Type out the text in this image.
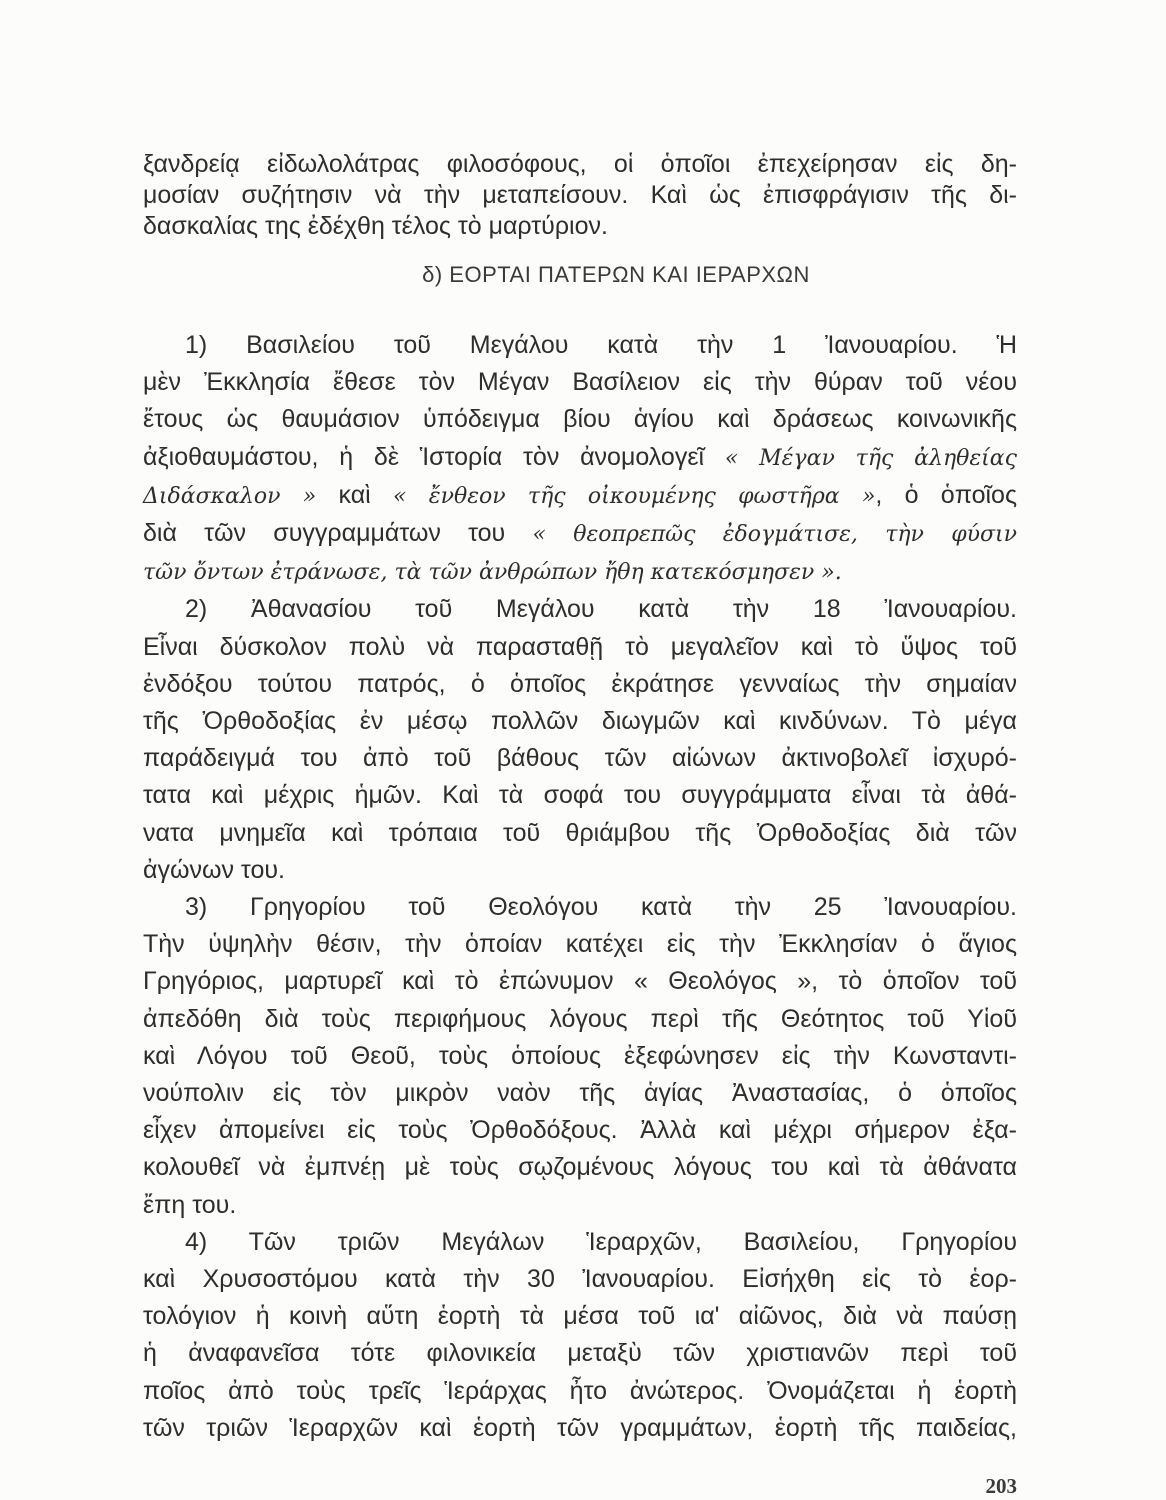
ξανδρείᾳ εἰδωλολάτρας φιλοσόφους, οἱ ὁποῖοι ἐπεχείρησαν εἰς δη-
μοσίαν συζήτησιν νὰ τὴν μεταπείσουν. Καὶ ὡς ἐπισφράγισιν τῆς δι-
δασκαλίας της ἐδέχθη τέλος τὸ μαρτύριον.
δ) ΕΟΡΤΑΙ ΠΑΤΕΡΩΝ ΚΑΙ ΙΕΡΑΡΧΩΝ
1) Βασιλείου τοῦ Μεγάλου κατὰ τὴν 1 Ἰανουαρίου. Ἡ
μὲν Ἐκκλησία ἔθεσε τὸν Μέγαν Βασίλειον εἰς τὴν θύραν τοῦ νέου
ἔτους ὡς θαυμάσιον ὑπόδειγμα βίου ἁγίου καὶ δράσεως κοινωνικῆς
ἀξιοθαυμάστου, ἡ δὲ Ἱστορία τὸν ἀνομολογεῖ « Μέγαν τῆς ἀληθείας
Διδάσκαλον » καὶ « ἔνθεον τῆς οἰκουμένης φωστῆρα », ὁ ὁποῖος
διὰ τῶν συγγραμμάτων του « θεοπρεπῶς ἐδογμάτισε, τὴν φύσιν
τῶν ὄντων ἐτράνωσε, τὰ τῶν ἀνθρώπων ἤθη κατεκόσμησεν ».
2) Ἀθανασίου τοῦ Μεγάλου κατὰ τὴν 18 Ἰανουαρίου.
Εἶναι δύσκολον πολὺ νὰ παρασταθῇ τὸ μεγαλεῖον καὶ τὸ ὕψος τοῦ
ἐνδόξου τούτου πατρός, ὁ ὁποῖος ἐκράτησε γενναίως τὴν σημαίαν
τῆς Ὀρθοδοξίας ἐν μέσῳ πολλῶν διωγμῶν καὶ κινδύνων. Τὸ μέγα
παράδειγμά του ἀπὸ τοῦ βάθους τῶν αἰώνων ἀκτινοβολεῖ ἰσχυρό-
τατα καὶ μέχρις ἡμῶν. Καὶ τὰ σοφά του συγγράμματα εἶναι τὰ ἀθά-
νατα μνημεῖα καὶ τρόπαια τοῦ θριάμβου τῆς Ὀρθοδοξίας διὰ τῶν
ἀγώνων του.
3) Γρηγορίου τοῦ Θεολόγου κατὰ τὴν 25 Ἰανουαρίου.
Τὴν ὑψηλὴν θέσιν, τὴν ὁποίαν κατέχει εἰς τὴν Ἐκκλησίαν ὁ ἅγιος
Γρηγόριος, μαρτυρεῖ καὶ τὸ ἐπώνυμον « Θεολόγος », τὸ ὁποῖον τοῦ
ἀπεδόθη διὰ τοὺς περιφήμους λόγους περὶ τῆς Θεότητος τοῦ Υἱοῦ
καὶ Λόγου τοῦ Θεοῦ, τοὺς ὁποίους ἐξεφώνησεν εἰς τὴν Κωνσταντι-
νούπολιν εἰς τὸν μικρὸν ναὸν τῆς ἁγίας Ἀναστασίας, ὁ ὁποῖος
εἶχεν ἀπομείνει εἰς τοὺς Ὀρθοδόξους. Ἀλλὰ καὶ μέχρι σήμερον ἐξα-
κολουθεῖ νὰ ἐμπνέῃ μὲ τοὺς σῳζομένους λόγους του καὶ τὰ ἀθάνατα
ἔπη του.
4) Τῶν τριῶν Μεγάλων Ἱεραρχῶν, Βασιλείου, Γρηγορίου
καὶ Χρυσοστόμου κατὰ τὴν 30 Ἰανουαρίου. Εἰσήχθη εἰς τὸ ἑορ-
τολόγιον ἡ κοινὴ αὕτη ἑορτὴ τὰ μέσα τοῦ ια' αἰῶνος, διὰ νὰ παύσῃ
ἡ ἀναφανεῖσα τότε φιλονικεία μεταξὺ τῶν χριστιανῶν περὶ τοῦ
ποῖος ἀπὸ τοὺς τρεῖς Ἱεράρχας ἦτο ἀνώτερος. Ὀνομάζεται ἡ ἑορτὴ
τῶν τριῶν Ἱεραρχῶν καὶ ἑορτὴ τῶν γραμμάτων, ἑορτὴ τῆς παιδείας,
203
